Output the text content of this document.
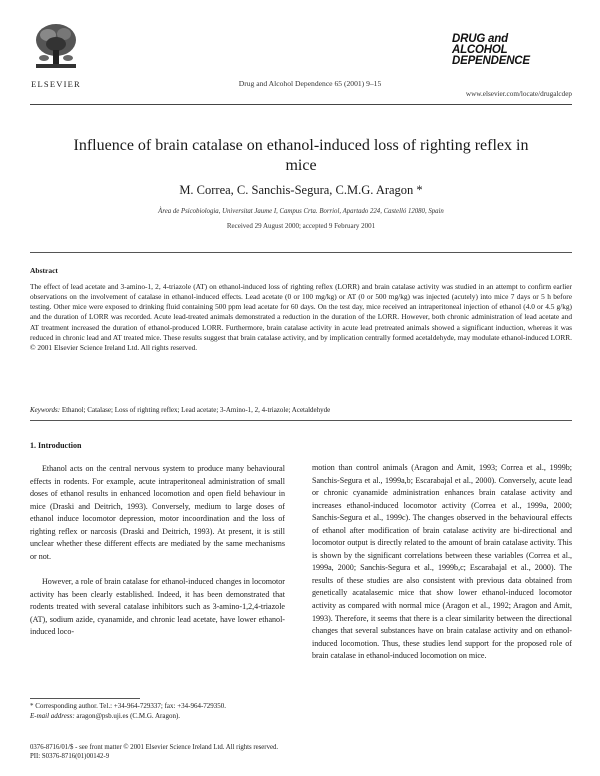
ELSEVIER	Drug and Alcohol Dependence 65 (2001) 9–15
DRUG and
ALCOHOL
DEPENDENCE
www.elsevier.com/locate/drugalcdep
Influence of brain catalase on ethanol-induced loss of righting reflex in mice
M. Correa, C. Sanchis-Segura, C.M.G. Aragon *
Àrea de Psicobiologia, Universitat Jaume I, Campus Crta. Borriol, Apartado 224, Castelló 12080, Spain
Received 29 August 2000; accepted 9 February 2001
Abstract
The effect of lead acetate and 3-amino-1, 2, 4-triazole (AT) on ethanol-induced loss of righting reflex (LORR) and brain catalase activity was studied in an attempt to confirm earlier observations on the involvement of catalase in ethanol-induced effects. Lead acetate (0 or 100 mg/kg) or AT (0 or 500 mg/kg) was injected (acutely) into mice 7 days or 5 h before testing. Other mice were exposed to drinking fluid containing 500 ppm lead acetate for 60 days. On the test day, mice received an intraperitoneal injection of ethanol (4.0 or 4.5 g/kg) and the duration of LORR was recorded. Acute lead-treated animals demonstrated a reduction in the duration of the LORR. However, both chronic administration of lead acetate and AT treatment increased the duration of ethanol-produced LORR. Furthermore, brain catalase activity in acute lead pretreated animals showed a significant induction, whereas it was reduced in chronic lead and AT treated mice. These results suggest that brain catalase activity, and by implication centrally formed acetaldehyde, may modulate ethanol-induced LORR. © 2001 Elsevier Science Ireland Ltd. All rights reserved.
Keywords: Ethanol; Catalase; Loss of righting reflex; Lead acetate; 3-Amino-1, 2, 4-triazole; Acetaldehyde
1. Introduction

Ethanol acts on the central nervous system to produce many behavioural effects in rodents. For example, acute intraperitoneal administration of small doses of ethanol results in enhanced locomotion and open field behaviour in mice (Draski and Deitrich, 1993). Conversely, medium to large doses of ethanol induce locomotor depression, motor incoordination and the loss of righting reflex or narcosis (Draski and Deitrich, 1993). At present, it is still unclear whether these different effects are mediated by the same mechanisms or not.

However, a role of brain catalase for ethanol-induced changes in locomotor activity has been clearly established. Indeed, it has been demonstrated that rodents treated with several catalase inhibitors such as 3-amino-1,2,4-triazole (AT), sodium azide, cyanamide, and chronic lead acetate, have lower ethanol-induced loco-

motion than control animals (Aragon and Amit, 1993; Correa et al., 1999b; Sanchis-Segura et al., 1999a,b; Escarabajal et al., 2000). Conversely, acute lead or chronic cyanamide administration enhances brain catalase activity and increases ethanol-induced locomotor activity (Correa et al., 1999a, 2000; Sanchis-Segura et al., 1999c). The changes observed in the behavioural effects of ethanol after modification of brain catalase activity are bi-directional and locomotor output is directly related to the amount of brain catalase activity. This is shown by the significant correlations between these variables (Correa et al., 1999a, 2000; Sanchis-Segura et al., 1999b,c; Escarabajal et al., 2000). The results of these studies are also consistent with previous data obtained from genetically acatalasemic mice that show lower ethanol-induced locomotor activity as compared with normal mice (Aragon et al., 1992; Aragon and Amit, 1993). Therefore, it seems that there is a clear similarity between the directional changes that several substances have on brain catalase activity and on ethanol-induced locomotion. Thus, these studies lend support for the proposed role of brain catalase in ethanol-induced locomotion on mice.

* Corresponding author. Tel.: +34-964-729337; fax: +34-964-729350.
E-mail address: aragon@psb.uji.es (C.M.G. Aragon).
0376-8716/01/$ - see front matter © 2001 Elsevier Science Ireland Ltd. All rights reserved.
PII: S0376-8716(01)00142-9
